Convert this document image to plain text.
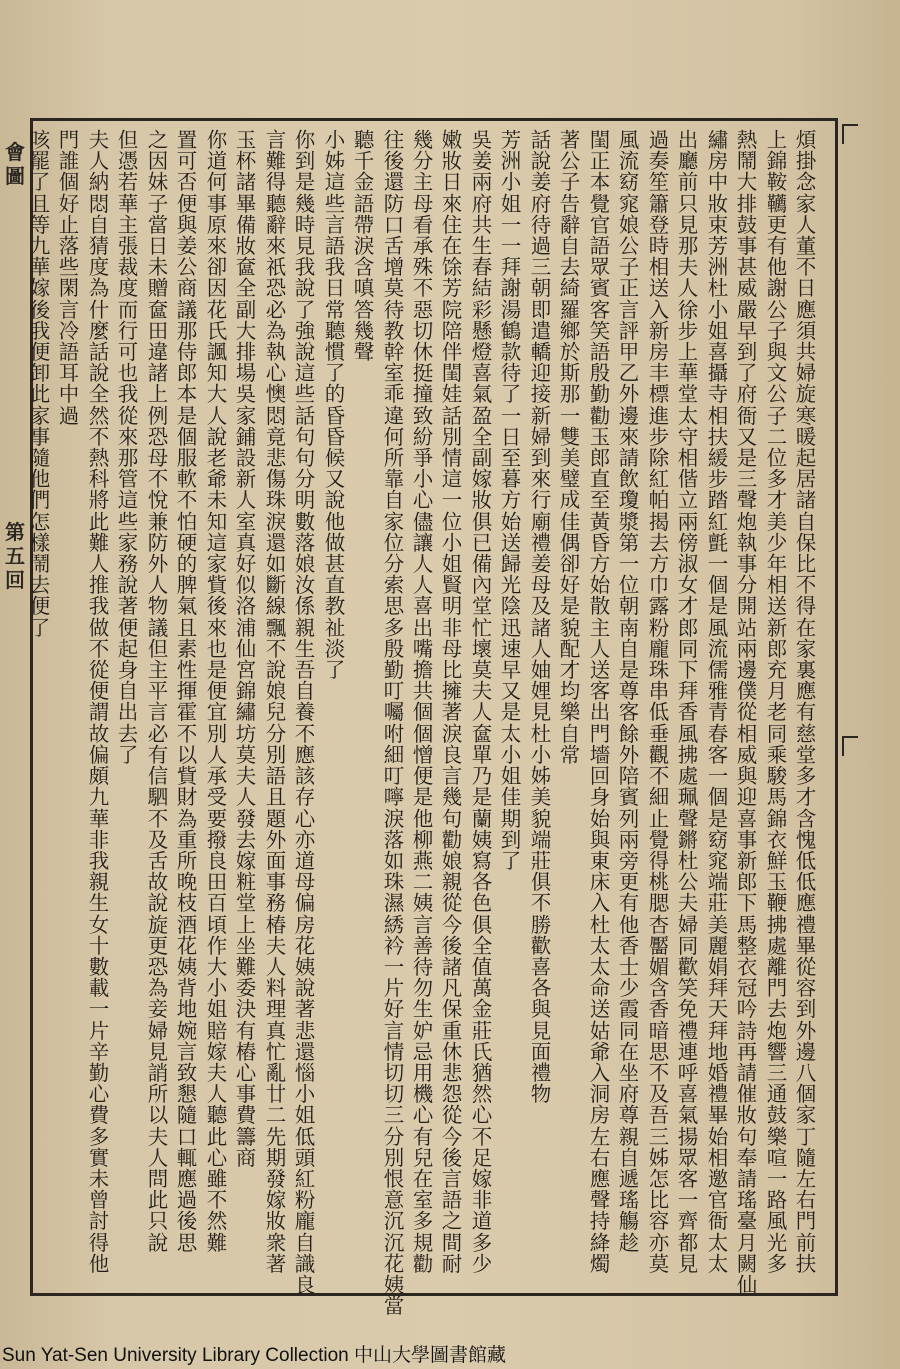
會圖
第五回
煩掛念家人董不日應須共婦旋寒暖起居諸自保比不得在家裏應有慈堂多才含愧低低應禮畢從容到外邊八個家丁隨左右門前扶
上錦鞍韉更有他謝公子與文公子二位多才美少年相送新郎充月老同乘駿馬錦衣鮮玉鞭拂處離門去炮響三通鼓樂喧一路風光多
熱鬧大排鼓事甚威嚴早到了府衙又是三聲炮執事分開站兩邊僕從相威與迎喜事新郎下馬整衣冠吟詩再請催妝句奉請瑤臺月闕仙
繡房中妝束芳洲杜小姐喜攝寺相扶緩步踏紅氈一個是風流儒雅青春客一個是窈窕端莊美麗娟拜天拜地婚禮畢始相邀官衙太太
出廳前只見那夫人徐步上華堂太守相偕立兩傍淑女才郎同下拜香風拂處珮聲鏘杜公夫婦同歡笑免禮連呼喜氣揚眾客一齊都見
過奏笙簫登時相送入新房丰標進步除紅帕揭去方巾露粉龐珠串低垂觀不細止覺得桃腮杏靨媚含香暗思不及吾三姊怎比容亦莫
風流窈窕娘公子正言評甲乙外邊來請飲瓊漿第一位朝南自是尊客餘外陪賓列兩旁更有他香士少霞同在坐府尊親自遞瑤觴趁
閨正本覺官語眾賓客笑語殷勤勸玉郎直至黃昏方始散主人送客出門墻回身始與東床入杜太太命送姑爺入洞房左右應聲持絳燭
著公子告辭自去綺羅鄉於斯那一雙美璧成佳偶卻好是貌配才均樂自常
話說姜府待過三朝即遣轎迎接新婦到來行廟禮姜母及諸人妯娌見杜小姊美貌端莊俱不勝歡喜各與見面禮物
芳洲小姐一一拜謝湯鶴款待了一日至暮方始送歸光陰迅速早又是太小姐佳期到了
吳姜兩府共生春結彩懸燈喜氣盈全副嫁妝俱已備內堂忙壞莫夫人奩單乃是蘭姨寫各色俱全值萬金莊氏猶然心不足嫁非道多少
嫩妝日來住在馀芳院陪伴閨娃話別情這一位小姐賢明非母比擁著淚良言幾句勸娘親從今後諸凡保重休悲怨從今後言語之間耐
幾分主母看承殊不惡切休挺撞致紛爭小心儘讓人人喜出嘴擔共個個憎便是他柳燕二姨言善待勿生妒忌用機心有兒在室多規勸
往後還防口舌增莫待教幹室乖違何所靠自家位分索思多殷勤叮囑咐細叮嚀淚落如珠濕綉衿一片好言情切切三分別恨意沉沉花姨當
聽千金語帶淚含嗔答幾聲
小姊這些言語我日常聽慣了的昏昏候又說他做甚直教祉淡了
你到是幾時見我說了強說這些話句句分明數落娘汝係親生吾自養不應該存心亦道母偏房花姨說著悲還惱小姐低頭紅粉龐自識良
言難得聽辭來祇恐必為執心懊悶竟悲傷珠淚還如斷線飄不說娘兒分別語且題外面事務椿夫人料理真忙亂廿二先期發嫁妝衆著
玉杯諸畢備妝奩全副大排場吳家鋪設新人室真好似洛浦仙宮錦繡坊莫夫人發去嫁粧堂上坐難委決有樁心事費籌商
你道何事原來卻因花氏諷知大人說老爺未知這家貲後來也是便宜別人承受要撥良田百頃作大小姐賠嫁夫人聽此心雖不然難
置可否便與姜公商議那侍郎本是個服軟不怕硬的脾氣且素性揮霍不以貲財為重所晚枝酒花姨背地婉言致懇隨口輒應過後思
之因妹子當日未贈奩田違諸上例恐母不悅兼防外人物議但主平言必有信駟不及舌故說旋更恐為妾婦見誚所以夫人問此只說
但憑若華主張裁度而行可也我從來那管這些家務說著便起身自出去了
夫人納悶自猜度為什麼話說全然不熱科將此難人推我做不從便謂故偏頗九華非我親生女十數載一片辛勤心費多實未曾討得他
門誰個好止落些閑言冷語耳中過
咳罷了且等九華嫁後我便卸此家事隨他們怎樣鬧去便了
Sun Yat-Sen University Library Collection 中山大學圖書館藏
